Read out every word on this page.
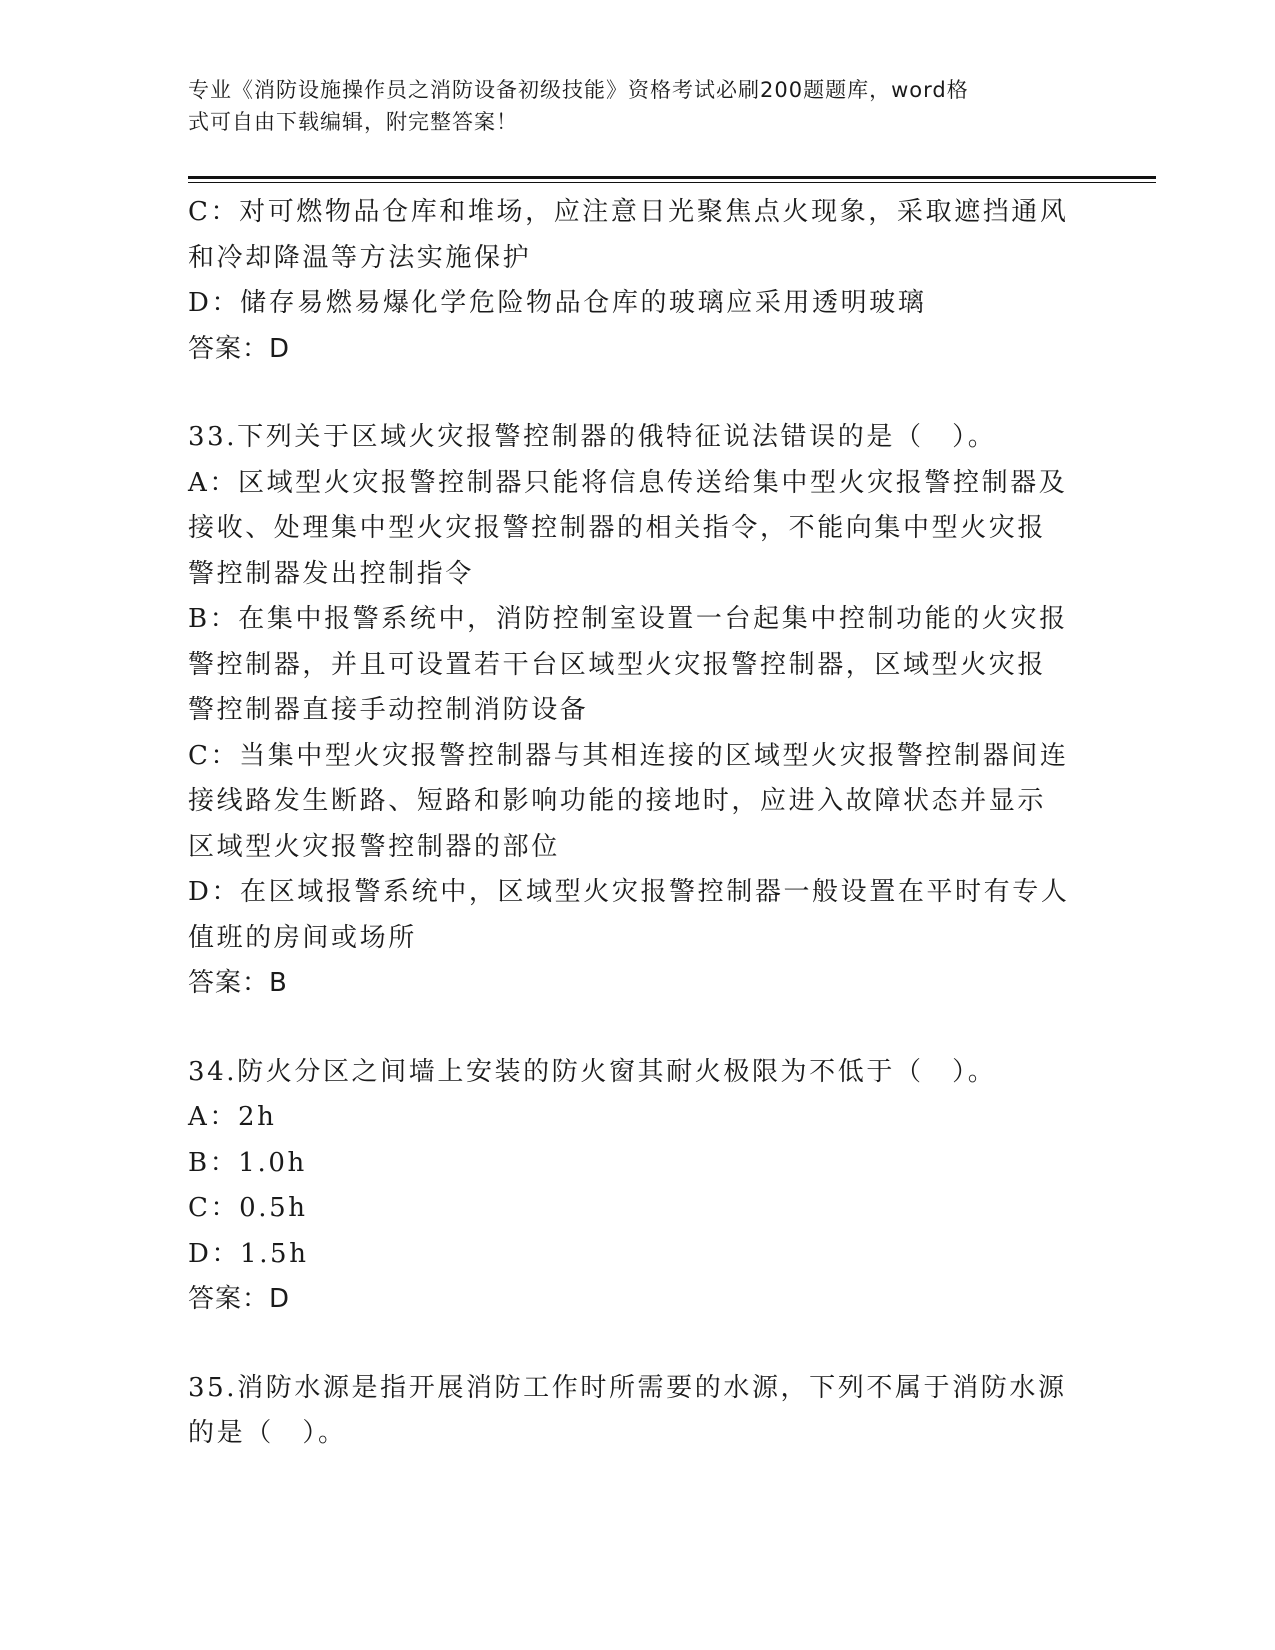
专业《消防设施操作员之消防设备初级技能》资格考试必刷200题题库，word格
式可自由下载编辑，附完整答案！
C：对可燃物品仓库和堆场，应注意日光聚焦点火现象，采取遮挡通风
和冷却降温等方法实施保护
D：储存易燃易爆化学危险物品仓库的玻璃应采用透明玻璃
答案：D
33.下列关于区域火灾报警控制器的俄特征说法错误的是（　）。
A：区域型火灾报警控制器只能将信息传送给集中型火灾报警控制器及
接收、处理集中型火灾报警控制器的相关指令，不能向集中型火灾报
警控制器发出控制指令
B：在集中报警系统中，消防控制室设置一台起集中控制功能的火灾报
警控制器，并且可设置若干台区域型火灾报警控制器，区域型火灾报
警控制器直接手动控制消防设备
C：当集中型火灾报警控制器与其相连接的区域型火灾报警控制器间连
接线路发生断路、短路和影响功能的接地时，应进入故障状态并显示
区域型火灾报警控制器的部位
D：在区域报警系统中，区域型火灾报警控制器一般设置在平时有专人
值班的房间或场所
答案：B
34.防火分区之间墙上安装的防火窗其耐火极限为不低于（　）。
A：2h
B：1.0h
C：0.5h
D：1.5h
答案：D
35.消防水源是指开展消防工作时所需要的水源，下列不属于消防水源
的是（　）。
